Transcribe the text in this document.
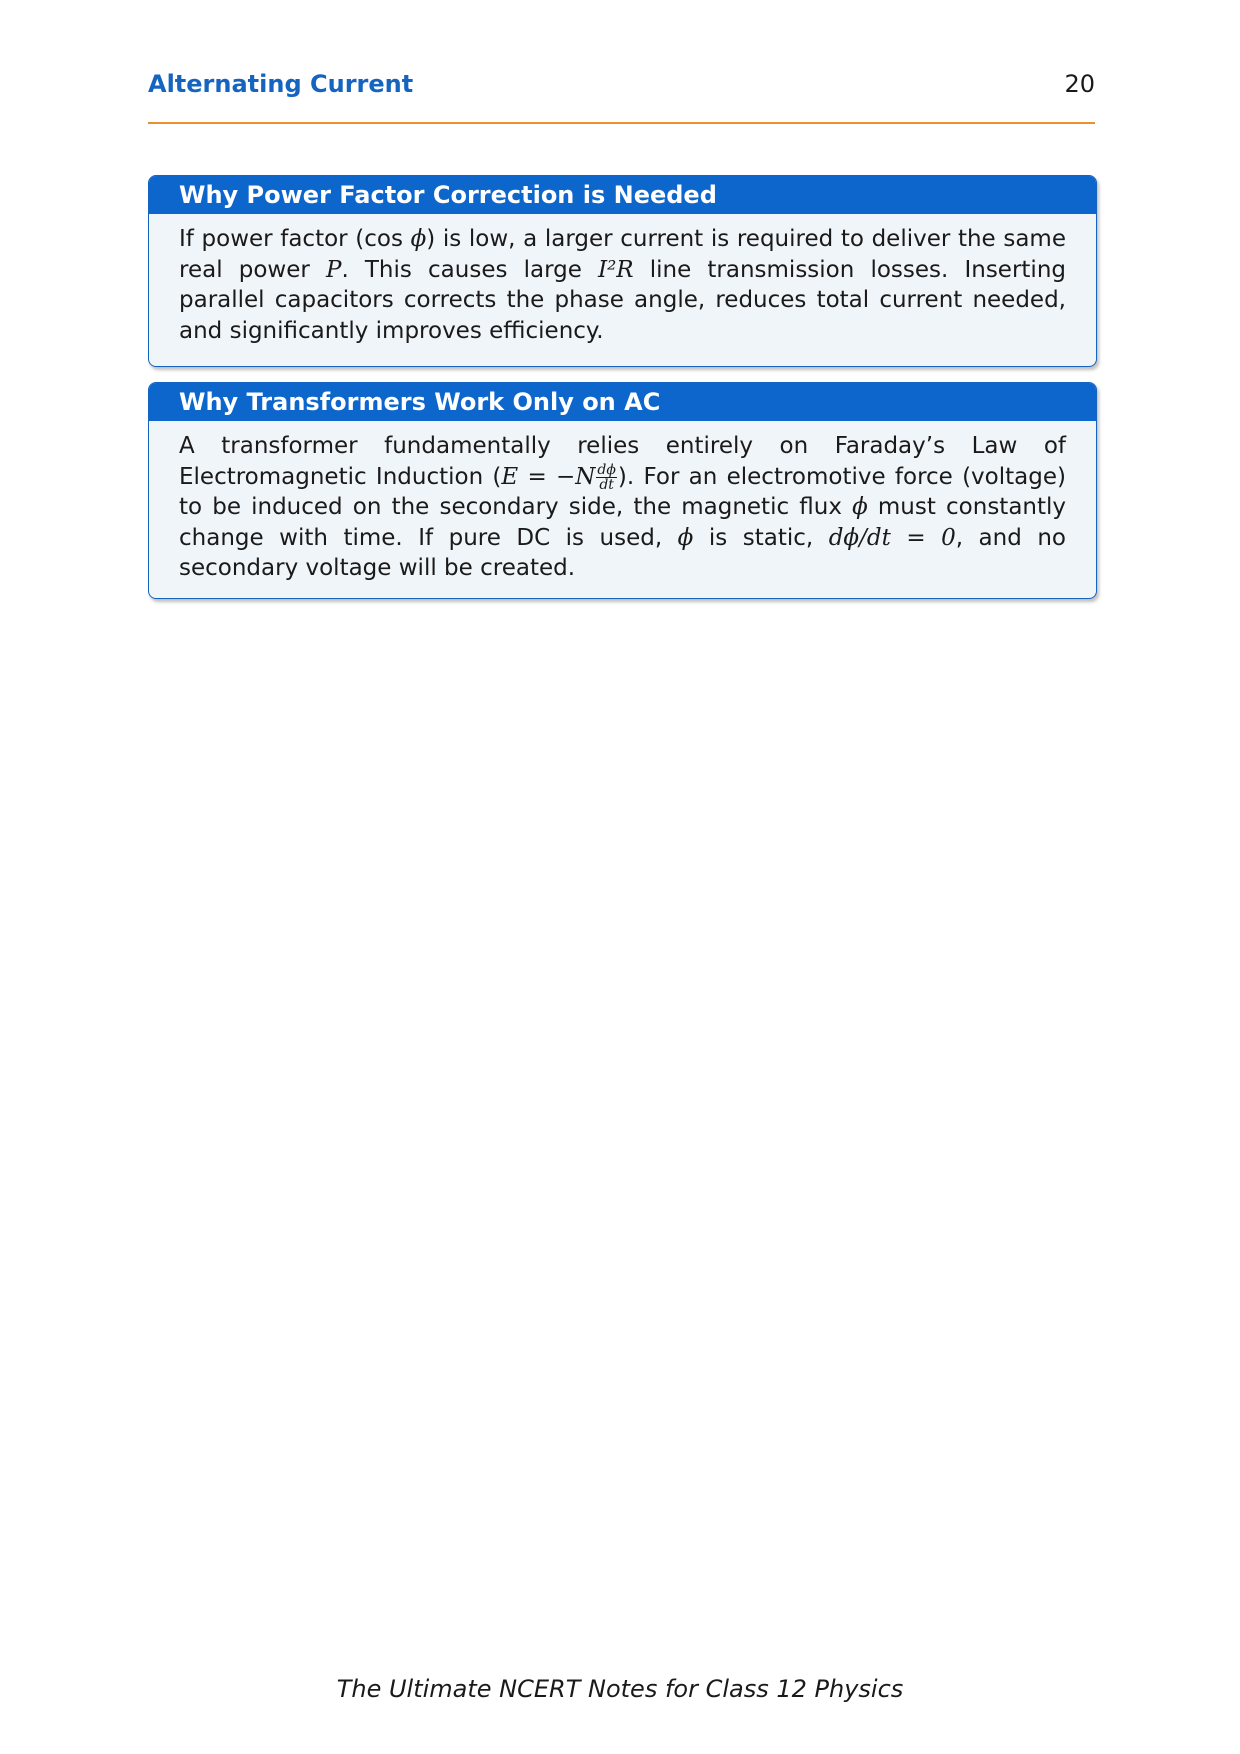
Alternating Current	20
Why Power Factor Correction is Needed
If power factor (cos ϕ) is low, a larger current is required to deliver the same real power P. This causes large I²R line transmission losses. Inserting parallel capacitors corrects the phase angle, reduces total current needed, and significantly improves efficiency.
Why Transformers Work Only on AC
A transformer fundamentally relies entirely on Faraday’s Law of Electromagnetic Induction ($E = -N \frac{d\phi}{dt}$ ). For an electromotive force (voltage) to be induced on the secondary side, the magnetic flux ϕ must constantly change with time. If pure DC is used, ϕ is static, dϕ/dt = 0, and no secondary voltage will be created.
The Ultimate NCERT Notes for Class 12 Physics
